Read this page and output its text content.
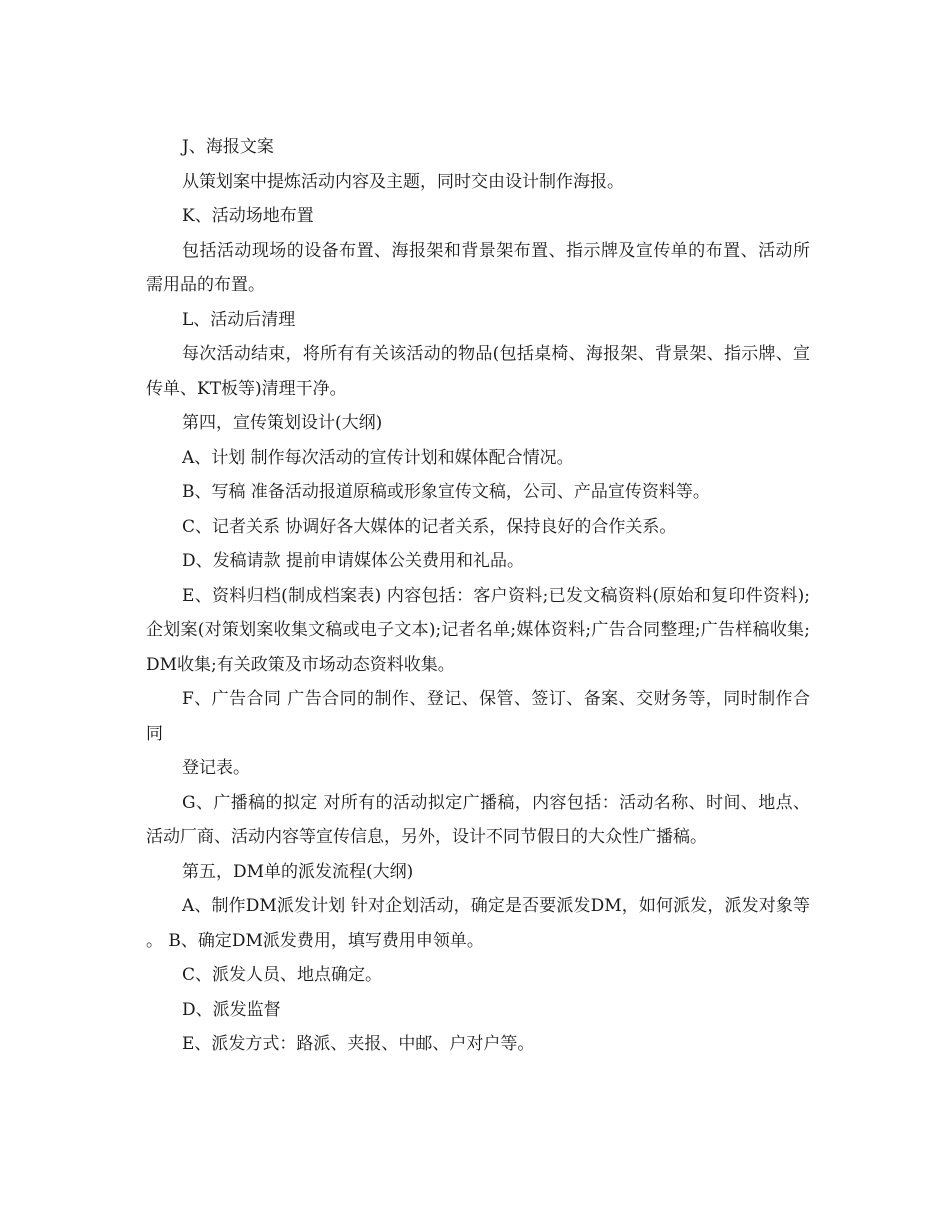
J、海报文案

从策划案中提炼活动内容及主题，同时交由设计制作海报。

K、活动场地布置

包括活动现场的设备布置、海报架和背景架布置、指示牌及宣传单的布置、活动所需用品的布置。

L、活动后清理

每次活动结束，将所有有关该活动的物品(包括桌椅、海报架、背景架、指示牌、宣传单、KT板等)清理干净。

第四，宣传策划设计(大纲)

A、计划 制作每次活动的宣传计划和媒体配合情况。

B、写稿 准备活动报道原稿或形象宣传文稿，公司、产品宣传资料等。

C、记者关系 协调好各大媒体的记者关系，保持良好的合作关系。

D、发稿请款 提前申请媒体公关费用和礼品。

E、资料归档(制成档案表) 内容包括：客户资料;已发文稿资料(原始和复印件资料);企划案(对策划案收集文稿或电子文本);记者名单;媒体资料;广告合同整理;广告样稿收集;DM收集;有关政策及市场动态资料收集。

F、广告合同 广告合同的制作、登记、保管、签订、备案、交财务等，同时制作合同

登记表。

G、广播稿的拟定 对所有的活动拟定广播稿，内容包括：活动名称、时间、地点、活动厂商、活动内容等宣传信息，另外，设计不同节假日的大众性广播稿。

第五，DM单的派发流程(大纲)

A、制作DM派发计划 针对企划活动，确定是否要派发DM，如何派发，派发对象等。 B、确定DM派发费用，填写费用申领单。

C、派发人员、地点确定。

D、派发监督

E、派发方式：路派、夹报、中邮、户对户等。
